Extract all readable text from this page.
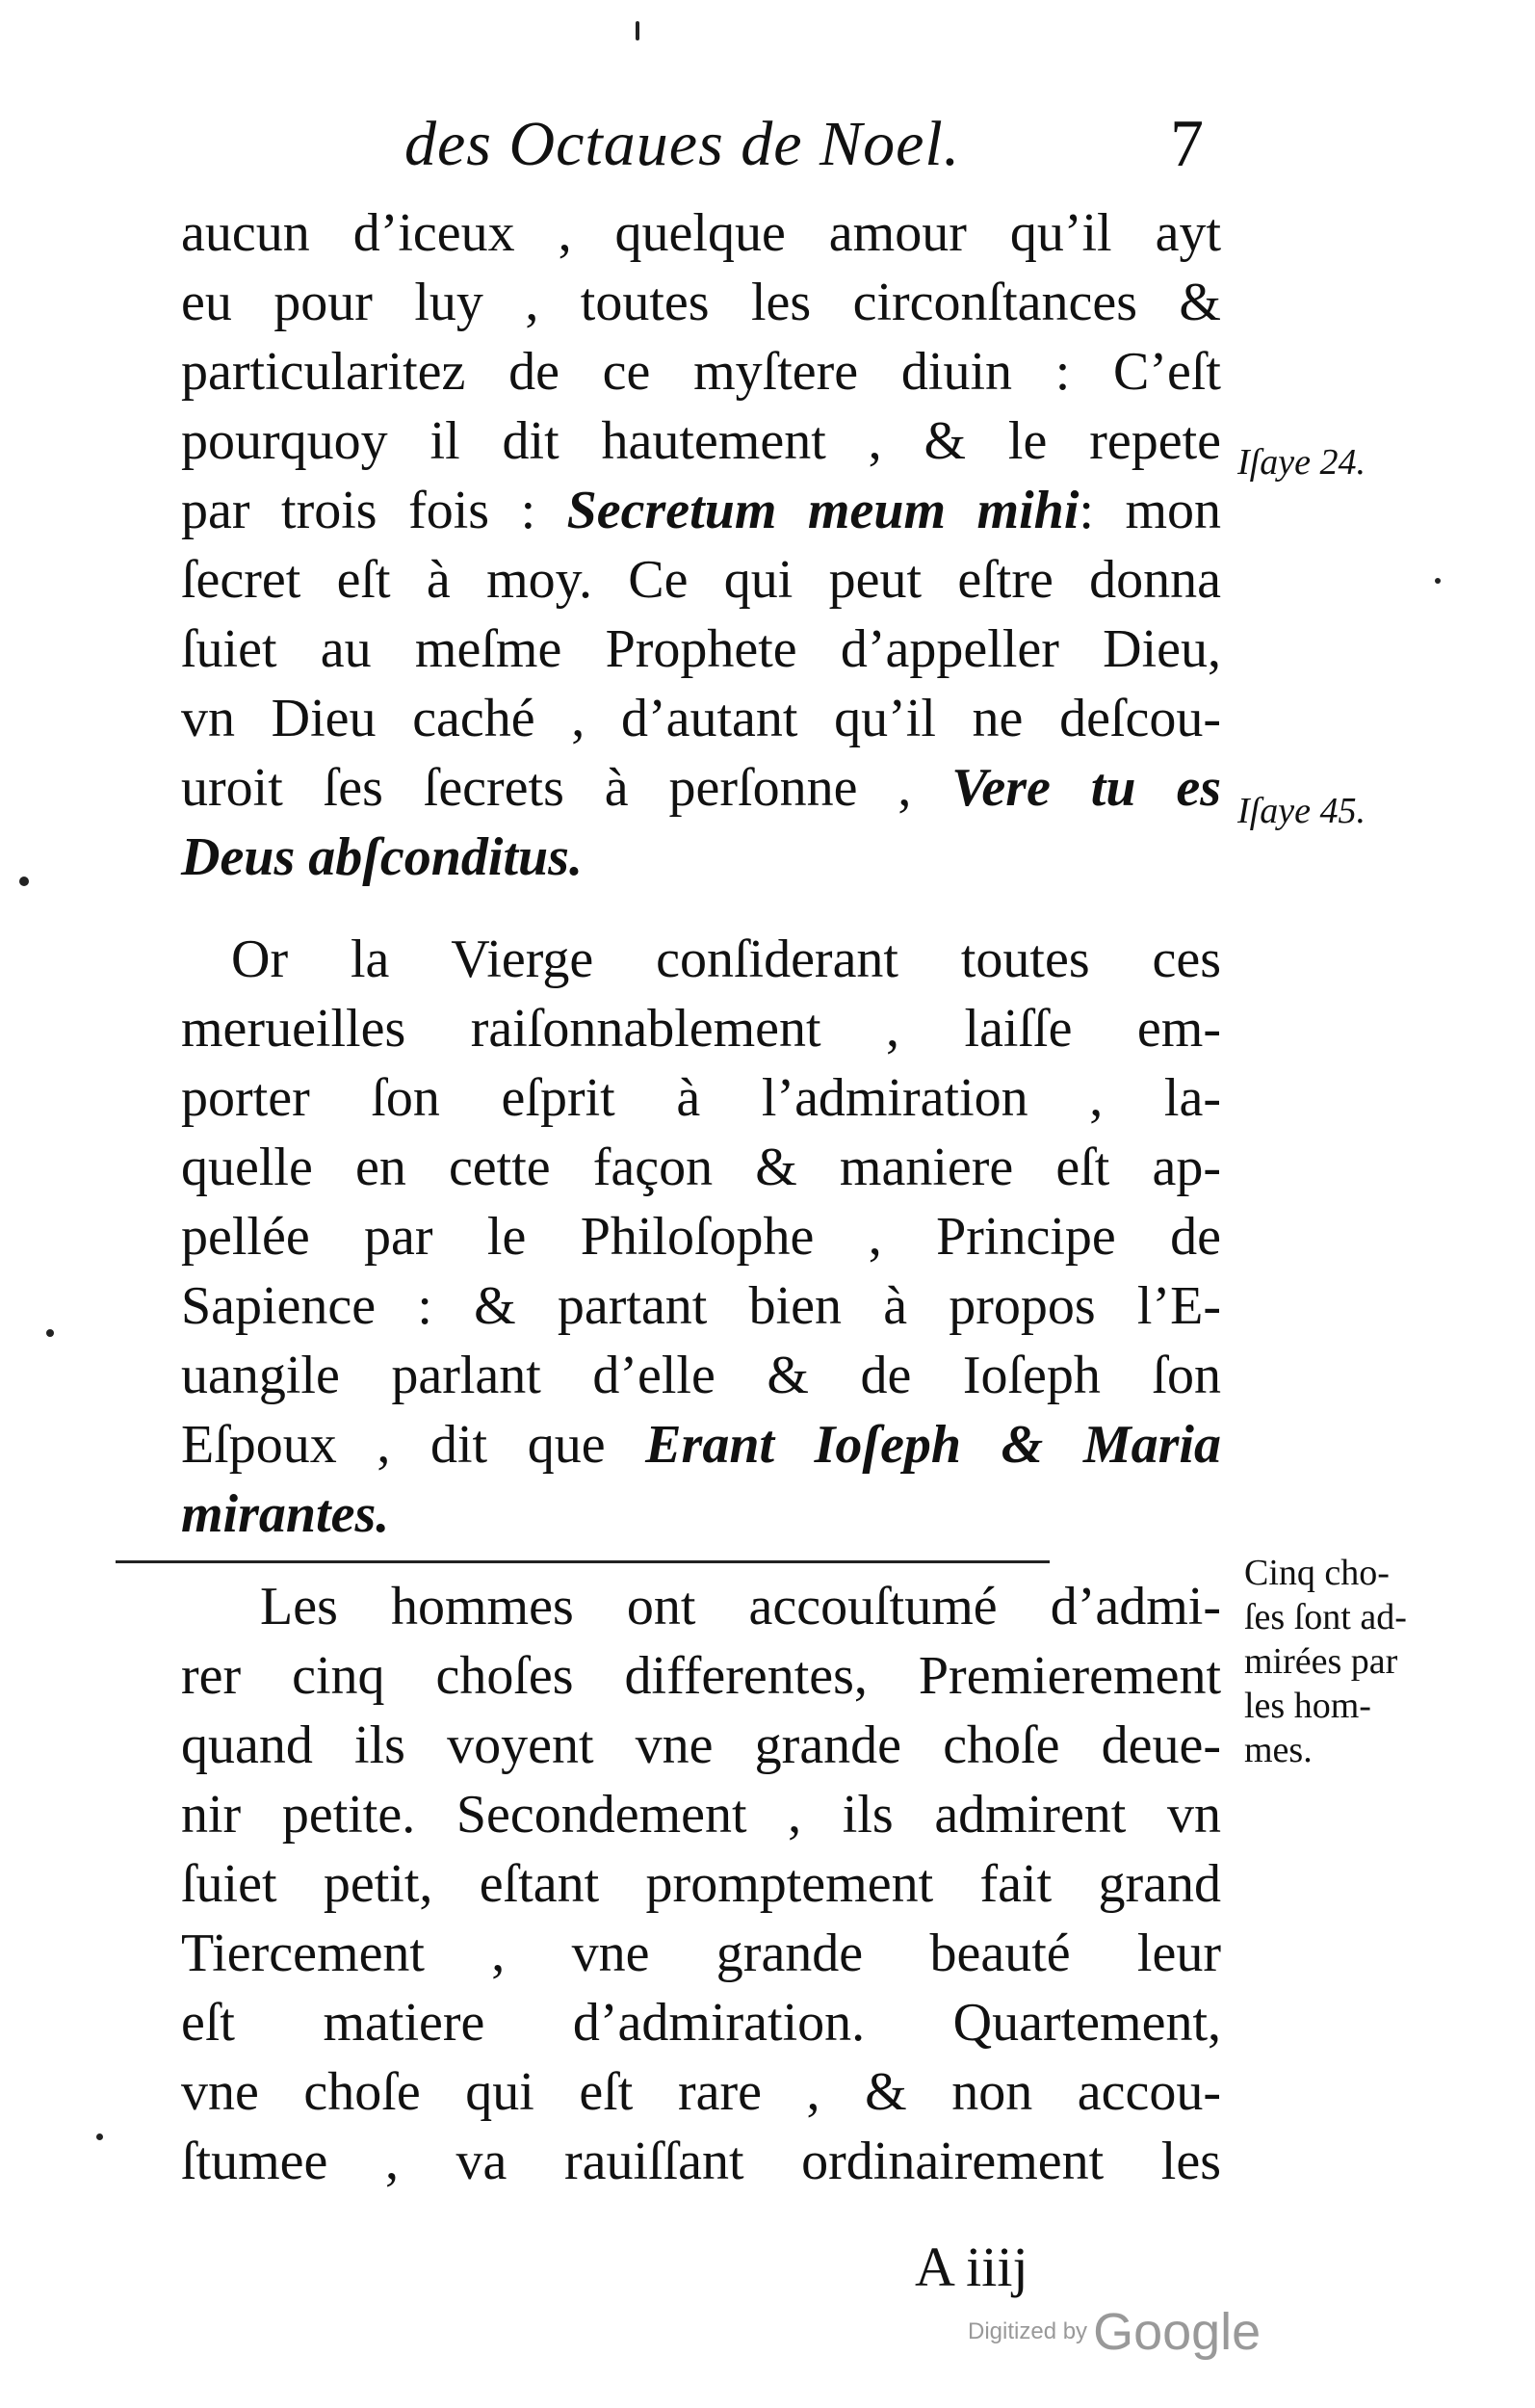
des Octaues de Noel.	7
aucun d’iceux , quelque amour qu’il ayt
eu pour luy , toutes les circonſtances &
particularitez de ce myſtere diuin : C’eſt
pourquoy il dit hautement , & le repete
par trois fois : Secretum meum mihi: mon
ſecret eſt à moy. Ce qui peut eſtre donna
ſuiet au meſme Prophete d’appeller Dieu,
vn Dieu caché , d’autant qu’il ne deſcou-
uroit ſes ſecrets à perſonne , Vere tu es
Deus abſconditus.
Or la Vierge conſiderant toutes ces
merueilles raiſonnablement , laiſſe em-
porter ſon eſprit à l’admiration , la-
quelle en cette façon & maniere eſt ap-
pellée par le Philoſophe , Principe de
Sapience : & partant bien à propos l’E-
uangile parlant d’elle & de Ioſeph ſon
Eſpoux , dit que Erant Ioſeph & Maria
mirantes.
Les hommes ont accouſtumé d’admi-
rer cinq choſes differentes, Premierement
quand ils voyent vne grande choſe deue-
nir petite. Secondement , ils admirent vn
ſuiet petit, eſtant promptement fait grand
Tiercement , vne grande beauté leur
eſt matiere d’admiration. Quartement,
vne choſe qui eſt rare , & non accou-
ſtumee , va rauiſſant ordinairement les
Iſaye 24.
Iſaye 45.
Cinq cho-
ſes ſont ad-
mirées par
les hom-
mes.
A iiij
Digitized by Google
